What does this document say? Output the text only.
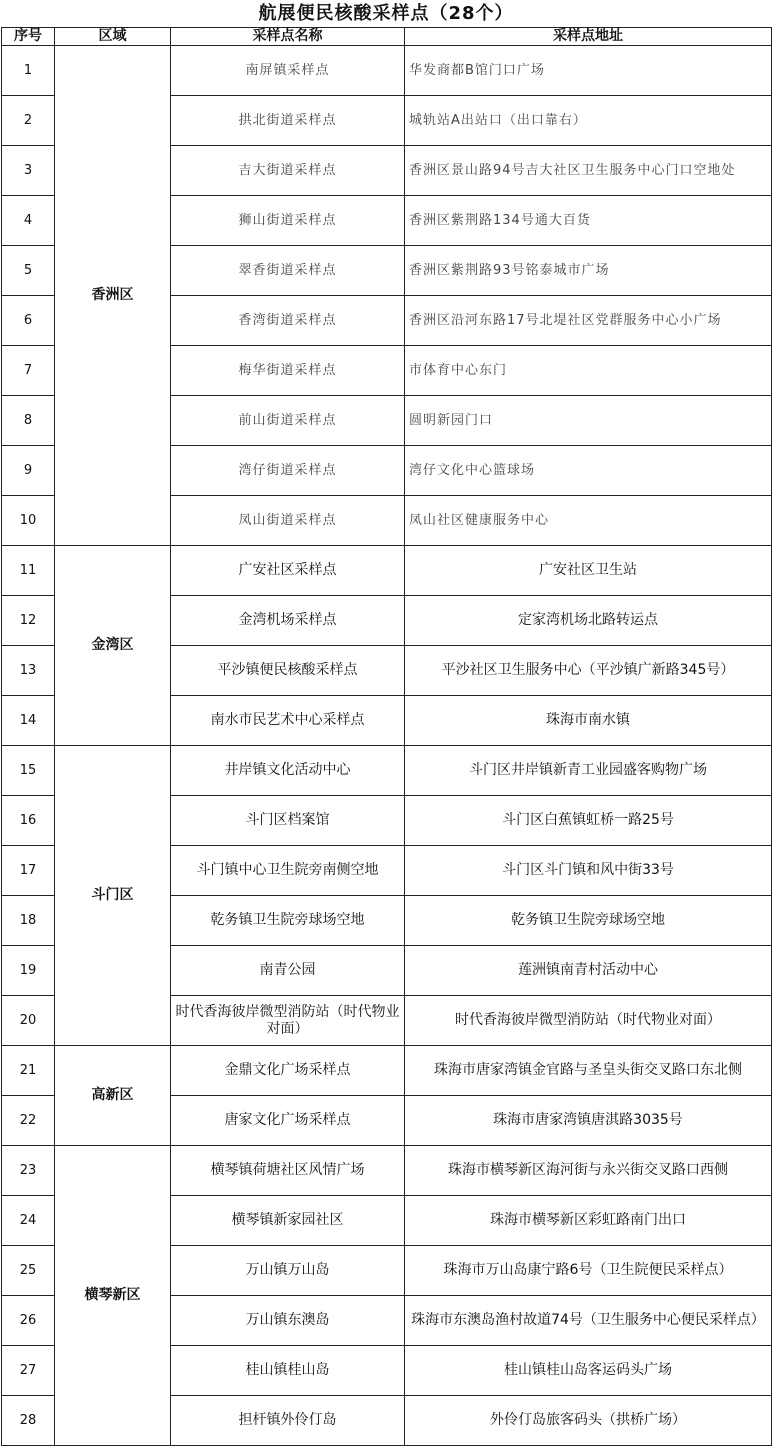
航展便民核酸采样点（28个）
序号	区域	采样点名称	采样点地址
1	香洲区	南屏镇采样点	华发商都B馆门口广场
2		拱北街道采样点	城轨站A出站口（出口靠右）
3		吉大街道采样点	香洲区景山路94号吉大社区卫生服务中心门口空地处
4		狮山街道采样点	香洲区紫荆路134号通大百货
5		翠香街道采样点	香洲区紫荆路93号铭泰城市广场
6		香湾街道采样点	香洲区沿河东路17号北堤社区党群服务中心小广场
7		梅华街道采样点	市体育中心东门
8		前山街道采样点	圆明新园门口
9		湾仔街道采样点	湾仔文化中心篮球场
10		凤山街道采样点	凤山社区健康服务中心
11	金湾区	广安社区采样点	广安社区卫生站
12		金湾机场采样点	定家湾机场北路转运点
13		平沙镇便民核酸采样点	平沙社区卫生服务中心（平沙镇广新路345号）
14		南水市民艺术中心采样点	珠海市南水镇
15	斗门区	井岸镇文化活动中心	斗门区井岸镇新青工业园盛客购物广场
16		斗门区档案馆	斗门区白蕉镇虹桥一路25号
17		斗门镇中心卫生院旁南侧空地	斗门区斗门镇和风中街33号
18		乾务镇卫生院旁球场空地	乾务镇卫生院旁球场空地
19		南青公园	莲洲镇南青村活动中心
20		时代香海彼岸微型消防站（时代物业对面）	时代香海彼岸微型消防站（时代物业对面）
21	高新区	金鼎文化广场采样点	珠海市唐家湾镇金官路与圣皇头街交叉路口东北侧
22		唐家文化广场采样点	珠海市唐家湾镇唐淇路3035号
23	横琴新区	横琴镇荷塘社区风情广场	珠海市横琴新区海河街与永兴街交叉路口西侧
24		横琴镇新家园社区	珠海市横琴新区彩虹路南门出口
25		万山镇万山岛	珠海市万山岛康宁路6号（卫生院便民采样点）
26		万山镇东澳岛	珠海市东澳岛渔村故道74号（卫生服务中心便民采样点）
27		桂山镇桂山岛	桂山镇桂山岛客运码头广场
28		担杆镇外伶仃岛	外伶仃岛旅客码头（拱桥广场）
